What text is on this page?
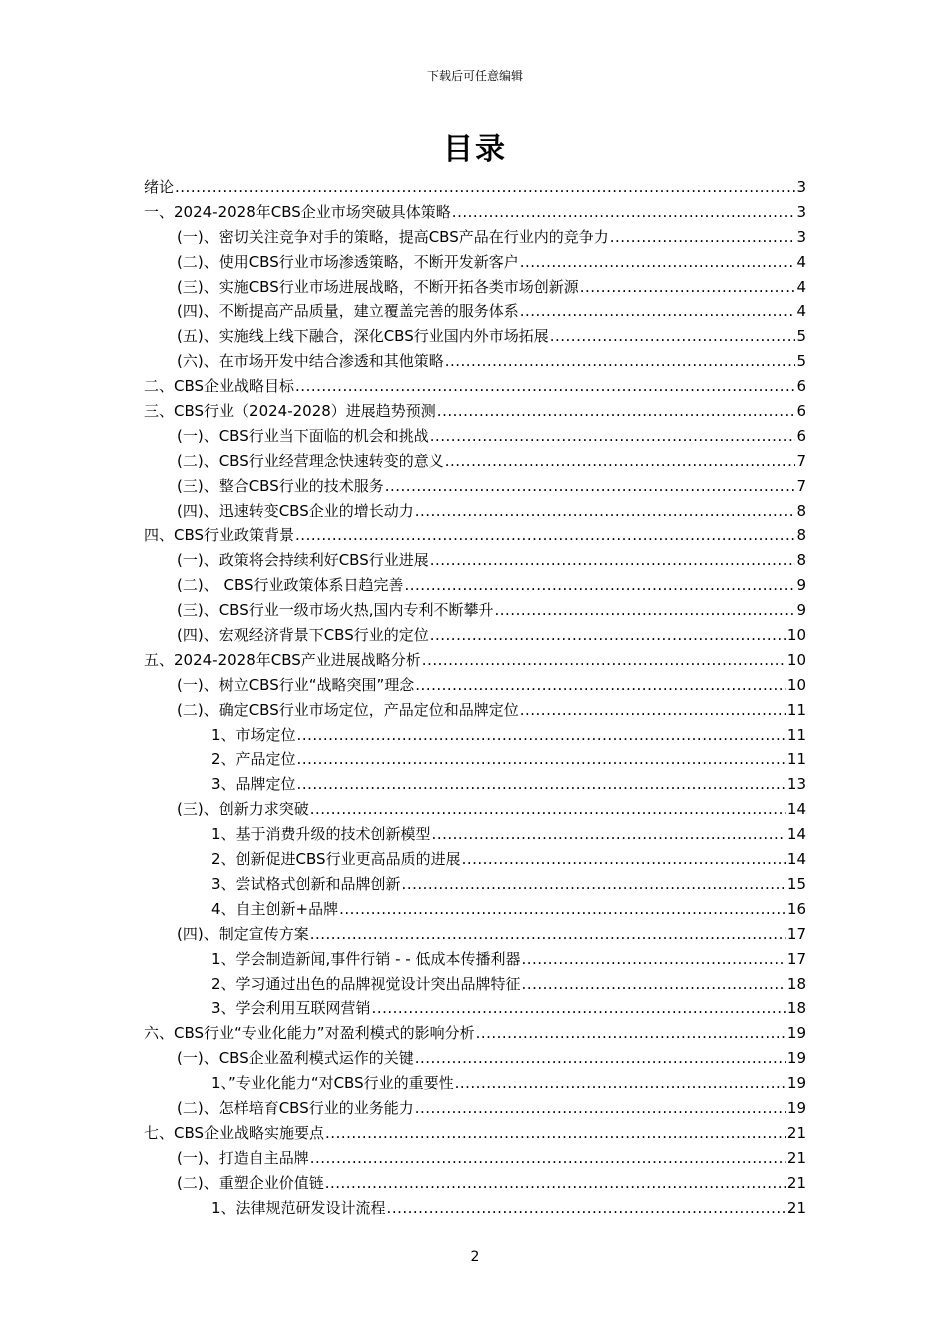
下载后可任意编辑
目录
绪论 .....	3
一、2024-2028年CBS企业市场突破具体策略 .....	3
(一)、密切关注竞争对手的策略，提高CBS产品在行业内的竞争力 .....	3
(二)、使用CBS行业市场渗透策略，不断开发新客户 .....	4
(三)、实施CBS行业市场进展战略，不断开拓各类市场创新源 .....	4
(四)、不断提高产品质量，建立覆盖完善的服务体系 .....	4
(五)、实施线上线下融合，深化CBS行业国内外市场拓展 .....	5
(六)、在市场开发中结合渗透和其他策略 .....	5
二、CBS企业战略目标 .....	6
三、CBS行业（2024-2028）进展趋势预测 .....	6
(一)、CBS行业当下面临的机会和挑战 .....	6
(二)、CBS行业经营理念快速转变的意义 .....	7
(三)、整合CBS行业的技术服务 .....	7
(四)、迅速转变CBS企业的增长动力 .....	8
四、CBS行业政策背景 .....	8
(一)、政策将会持续利好CBS行业进展 .....	8
(二)、 CBS行业政策体系日趋完善 .....	9
(三)、CBS行业一级市场火热,国内专利不断攀升 .....	9
(四)、宏观经济背景下CBS行业的定位 .....	10
五、2024-2028年CBS产业进展战略分析 .....	10
(一)、树立CBS行业“战略突围”理念 .....	10
(二)、确定CBS行业市场定位，产品定位和品牌定位 .....	11
1、市场定位 .....	11
2、产品定位 .....	11
3、品牌定位 .....	13
(三)、创新力求突破 .....	14
1、基于消费升级的技术创新模型 .....	14
2、创新促进CBS行业更高品质的进展 .....	14
3、尝试格式创新和品牌创新 .....	15
4、自主创新+品牌 .....	16
(四)、制定宣传方案 .....	17
1、学会制造新闻,事件行销 - - 低成本传播利器 .....	17
2、学习通过出色的品牌视觉设计突出品牌特征 .....	18
3、学会利用互联网营销 .....	18
六、CBS行业“专业化能力”对盈利模式的影响分析 .....	19
(一)、CBS企业盈利模式运作的关键 .....	19
1、”专业化能力“对CBS行业的重要性 .....	19
(二)、怎样培育CBS行业的业务能力 .....	19
七、CBS企业战略实施要点 .....	21
(一)、打造自主品牌 .....	21
(二)、重塑企业价值链 .....	21
1、法律规范研发设计流程 .....	21
2
